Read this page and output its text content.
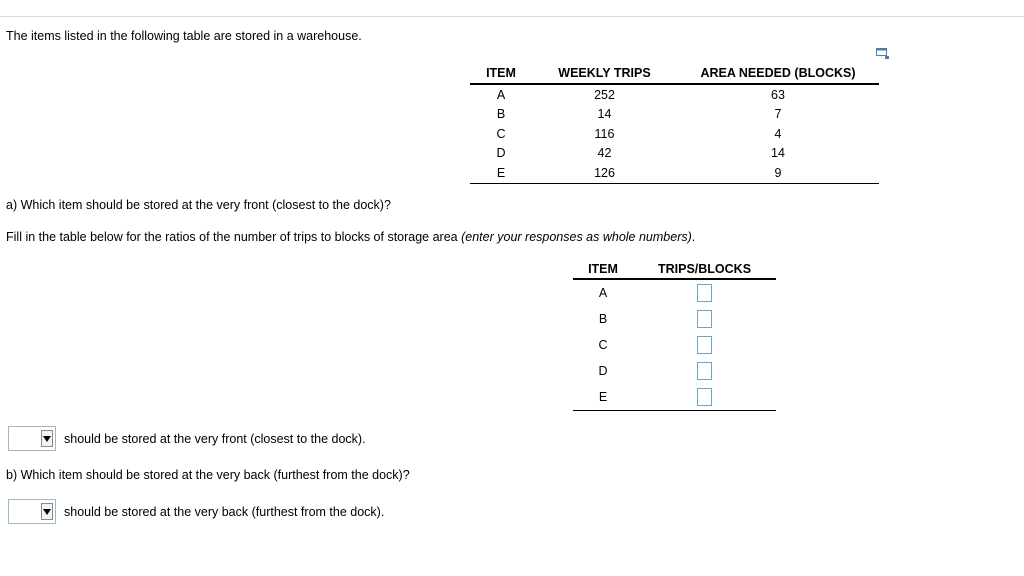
The items listed in the following table are stored in a warehouse.
ITEM	WEEKLY TRIPS	AREA NEEDED (BLOCKS)
A	252	63
B	14	7
C	116	4
D	42	14
E	126	9
a) Which item should be stored at the very front (closest to the dock)?
Fill in the table below for the ratios of the number of trips to blocks of storage area (enter your responses as whole numbers).
ITEM	TRIPS/BLOCKS
A	
B	
C	
D	
E	
should be stored at the very front (closest to the dock).
b) Which item should be stored at the very back (furthest from the dock)?
should be stored at the very back (furthest from the dock).
